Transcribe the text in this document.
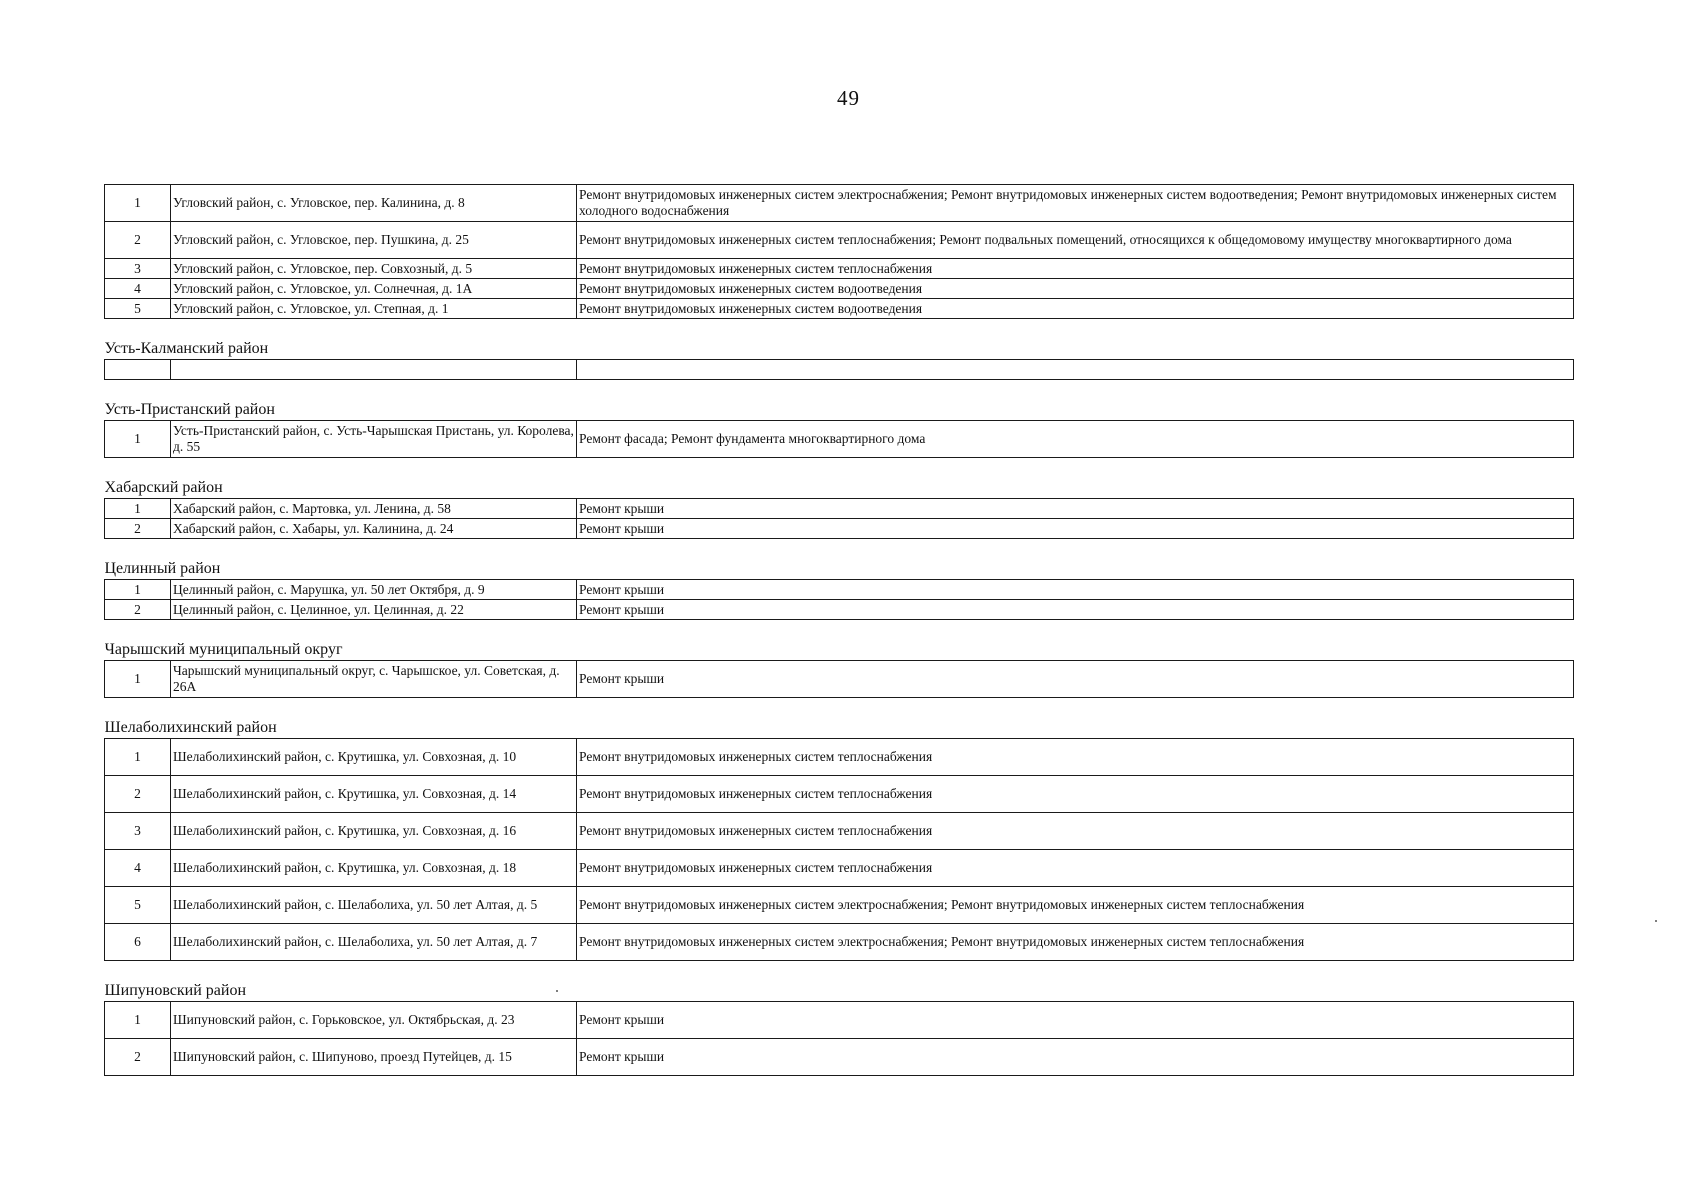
49
1	Угловский район, с. Угловское, пер. Калинина, д. 8	Ремонт внутридомовых инженерных систем электроснабжения; Ремонт внутридомовых инженерных систем водоотведения; Ремонт внутридомовых инженерных систем холодного водоснабжения
2	Угловский район, с. Угловское, пер. Пушкина, д. 25	Ремонт внутридомовых инженерных систем теплоснабжения; Ремонт подвальных помещений, относящихся к общедомовому имуществу многоквартирного дома
3	Угловский район, с. Угловское, пер. Совхозный, д. 5	Ремонт внутридомовых инженерных систем теплоснабжения
4	Угловский район, с. Угловское, ул. Солнечная, д. 1А	Ремонт внутридомовых инженерных систем водоотведения
5	Угловский район, с. Угловское, ул. Степная, д. 1	Ремонт внутридомовых инженерных систем водоотведения
Усть-Калманский район		

Усть-Пристанский район		
1	Усть-Пристанский район, с. Усть-Чарышская Пристань, ул. Королева, д. 55	Ремонт фасада; Ремонт фундамента многоквартирного дома
Хабарский район		
1	Хабарский район, с. Мартовка, ул. Ленина, д. 58	Ремонт крыши
2	Хабарский район, с. Хабары, ул. Калинина, д. 24	Ремонт крыши
Целинный район		
1	Целинный район, с. Марушка, ул. 50 лет Октября, д. 9	Ремонт крыши
2	Целинный район, с. Целинное, ул. Целинная, д. 22	Ремонт крыши
Чарышский муниципальный округ		
1	Чарышский муниципальный округ, с. Чарышское, ул. Советская, д. 26А	Ремонт крыши
Шелаболихинский район		
1	Шелаболихинский район, с. Крутишка, ул. Совхозная, д. 10	Ремонт внутридомовых инженерных систем теплоснабжения
2	Шелаболихинский район, с. Крутишка, ул. Совхозная, д. 14	Ремонт внутридомовых инженерных систем теплоснабжения
3	Шелаболихинский район, с. Крутишка, ул. Совхозная, д. 16	Ремонт внутридомовых инженерных систем теплоснабжения
4	Шелаболихинский район, с. Крутишка, ул. Совхозная, д. 18	Ремонт внутридомовых инженерных систем теплоснабжения
5	Шелаболихинский район, с. Шелаболиха, ул. 50 лет Алтая, д. 5	Ремонт внутридомовых инженерных систем электроснабжения; Ремонт внутридомовых инженерных систем теплоснабжения
6	Шелаболихинский район, с. Шелаболиха, ул. 50 лет Алтая, д. 7	Ремонт внутридомовых инженерных систем электроснабжения; Ремонт внутридомовых инженерных систем теплоснабжения
Шипуновский район		
1	Шипуновский район, с. Горьковское, ул. Октябрьская, д. 23	Ремонт крыши
2	Шипуновский район, с. Шипуново, проезд Путейцев, д. 15	Ремонт крыши
